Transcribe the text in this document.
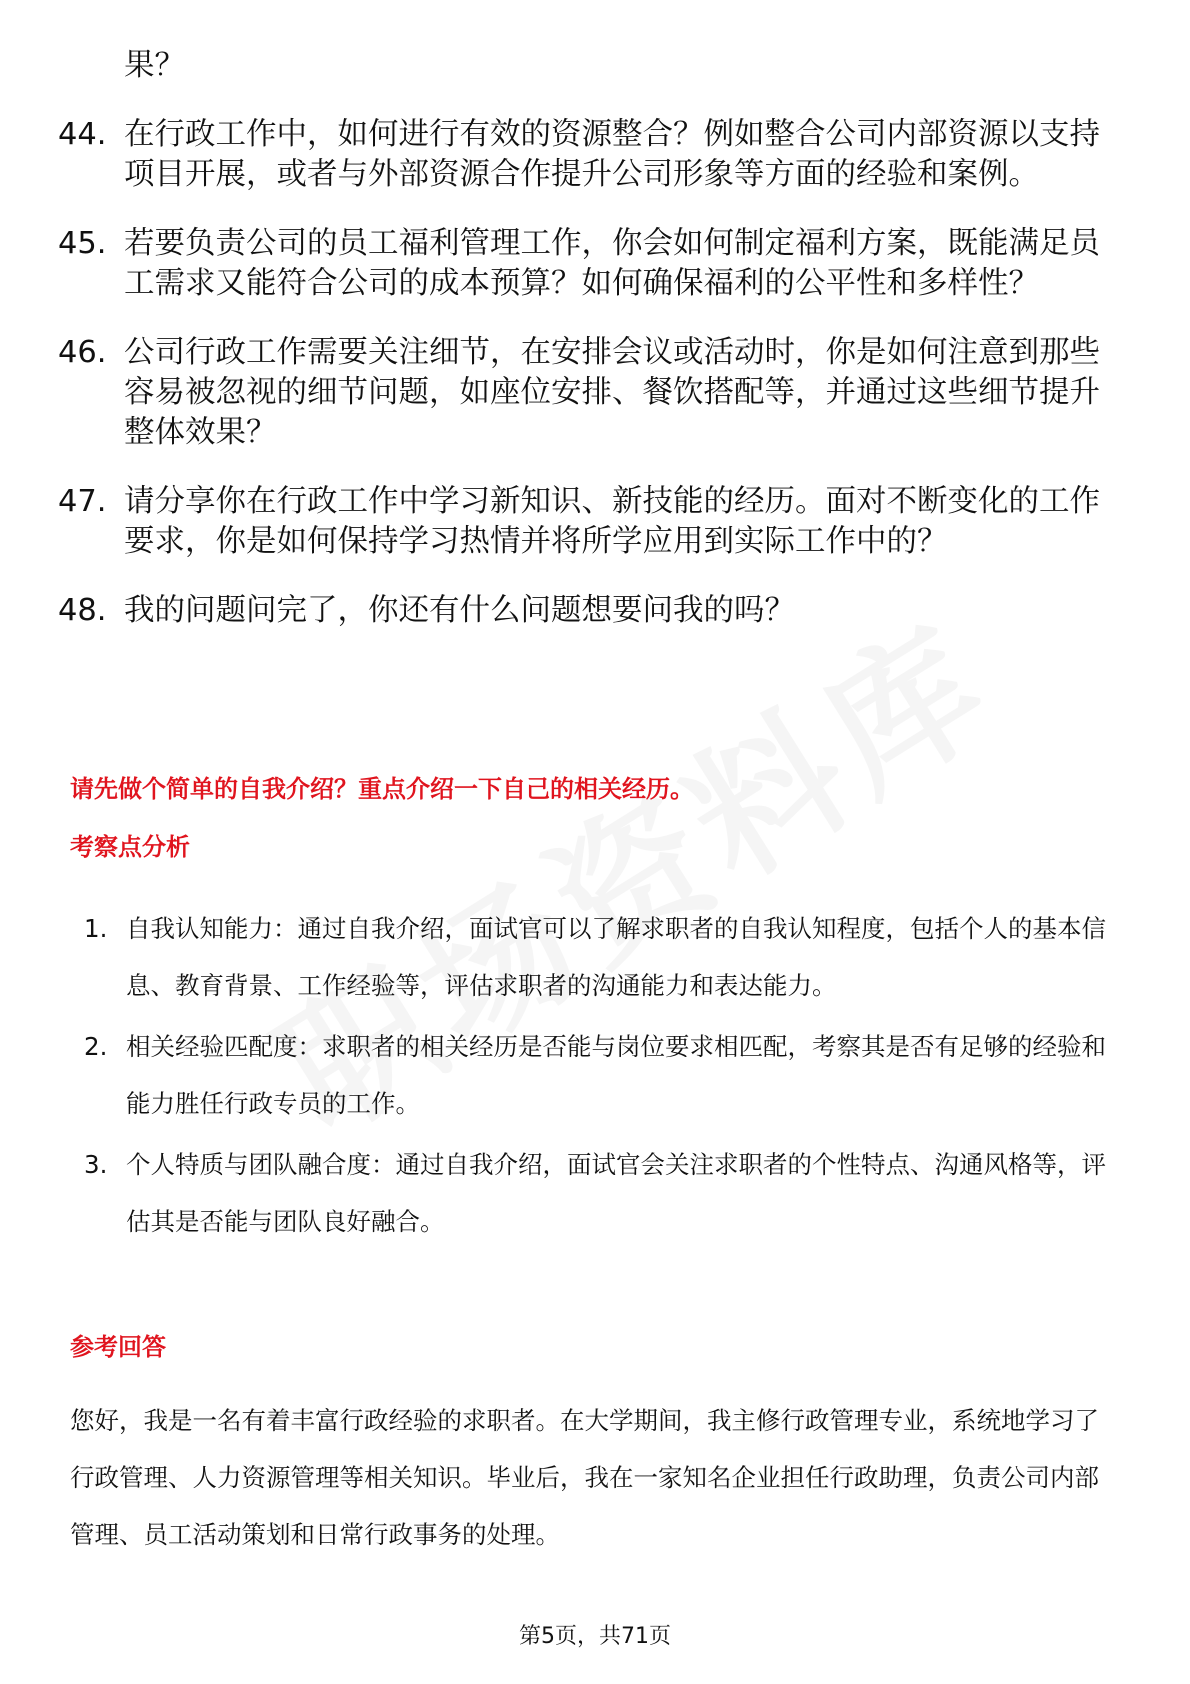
果？
44. 在行政工作中，如何进行有效的资源整合？例如整合公司内部资源以支持项目开展，或者与外部资源合作提升公司形象等方面的经验和案例。
45. 若要负责公司的员工福利管理工作，你会如何制定福利方案，既能满足员工需求又能符合公司的成本预算？如何确保福利的公平性和多样性？
46. 公司行政工作需要关注细节，在安排会议或活动时，你是如何注意到那些容易被忽视的细节问题，如座位安排、餐饮搭配等，并通过这些细节提升整体效果？
47. 请分享你在行政工作中学习新知识、新技能的经历。面对不断变化的工作要求，你是如何保持学习热情并将所学应用到实际工作中的？
48. 我的问题问完了，你还有什么问题想要问我的吗？
请先做个简单的自我介绍？重点介绍一下自己的相关经历。
考察点分析
1. 自我认知能力：通过自我介绍，面试官可以了解求职者的自我认知程度，包括个人的基本信息、教育背景、工作经验等，评估求职者的沟通能力和表达能力。
2. 相关经验匹配度：求职者的相关经历是否能与岗位要求相匹配，考察其是否有足够的经验和能力胜任行政专员的工作。
3. 个人特质与团队融合度：通过自我介绍，面试官会关注求职者的个性特点、沟通风格等，评估其是否能与团队良好融合。
参考回答
您好，我是一名有着丰富行政经验的求职者。在大学期间，我主修行政管理专业，系统地学习了行政管理、人力资源管理等相关知识。毕业后，我在一家知名企业担任行政助理，负责公司内部管理、员工活动策划和日常行政事务的处理。
第5页，共71页
